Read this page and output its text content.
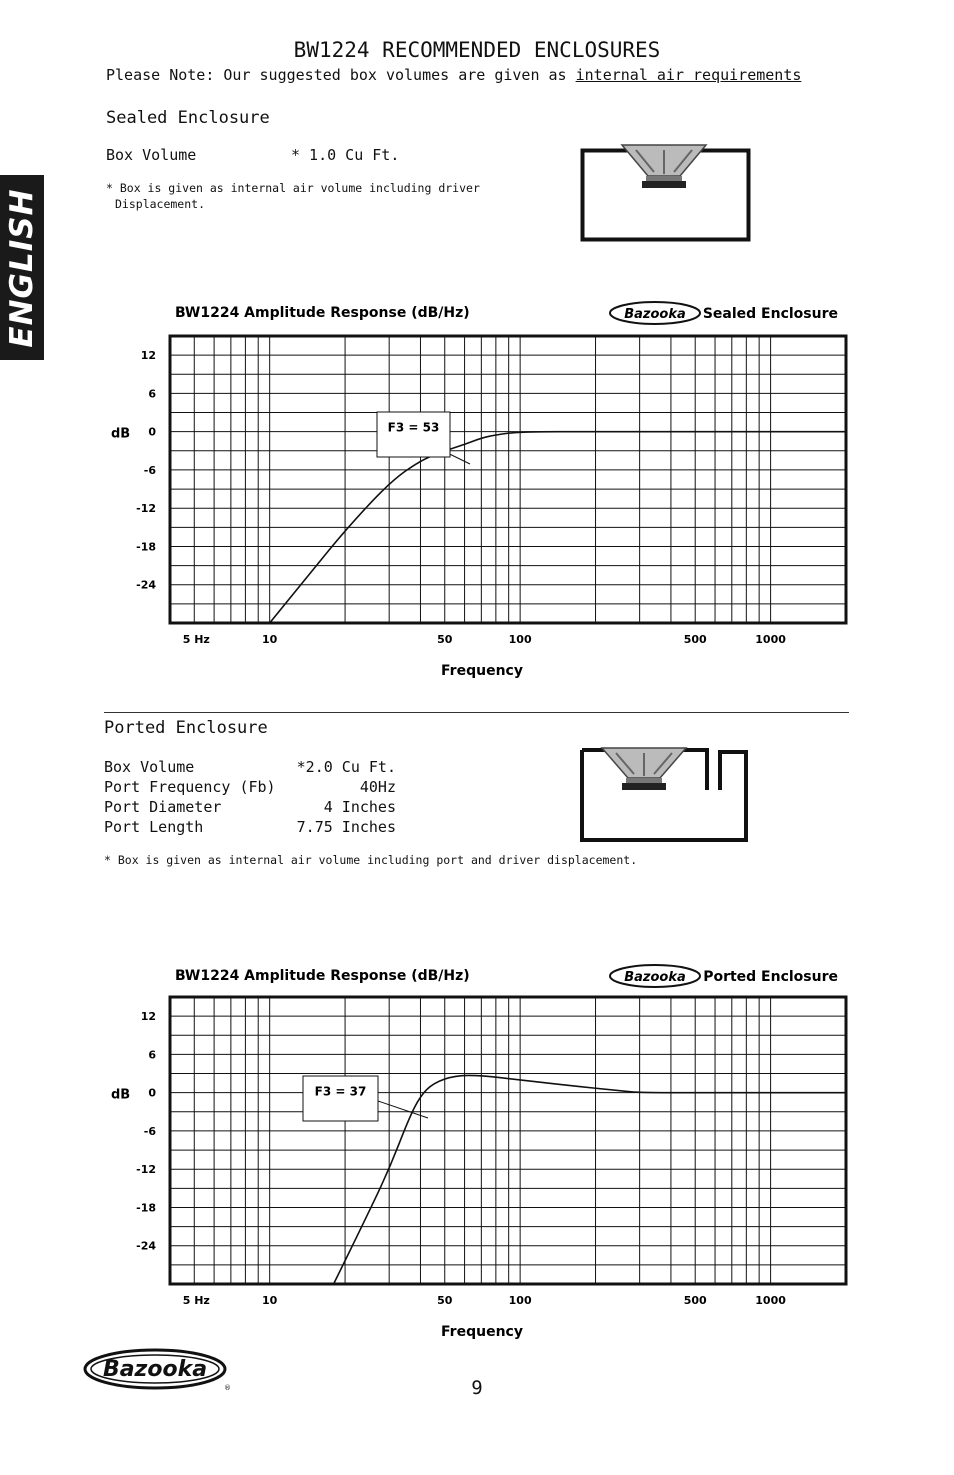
ENGLISH
BW1224 RECOMMENDED ENCLOSURES
Please Note: Our suggested box volumes are given as internal air requirements
Sealed Enclosure
Box Volume	* 1.0 Cu Ft.
* Box is given as internal air volume including driver
Displacement.
BW1224 Amplitude Response (dB/Hz)	Bazooka Sealed Enclosure
12
6
0
-6
-12
-18
-24
5 Hz	10	50	100	500	1000
dB
Frequency
F3 = 53
Ported Enclosure
Box Volume	*2.0 Cu Ft.
Port Frequency (Fb)	40Hz
Port Diameter	4 Inches
Port Length	7.75 Inches
* Box is given as internal air volume including port and driver displacement.
BW1224 Amplitude Response (dB/Hz)	Bazooka Ported Enclosure
12
6
0
-6
-12
-18
-24
5 Hz	10	50	100	500	1000
dB
Frequency
F3 = 37
Bazooka
®	9
